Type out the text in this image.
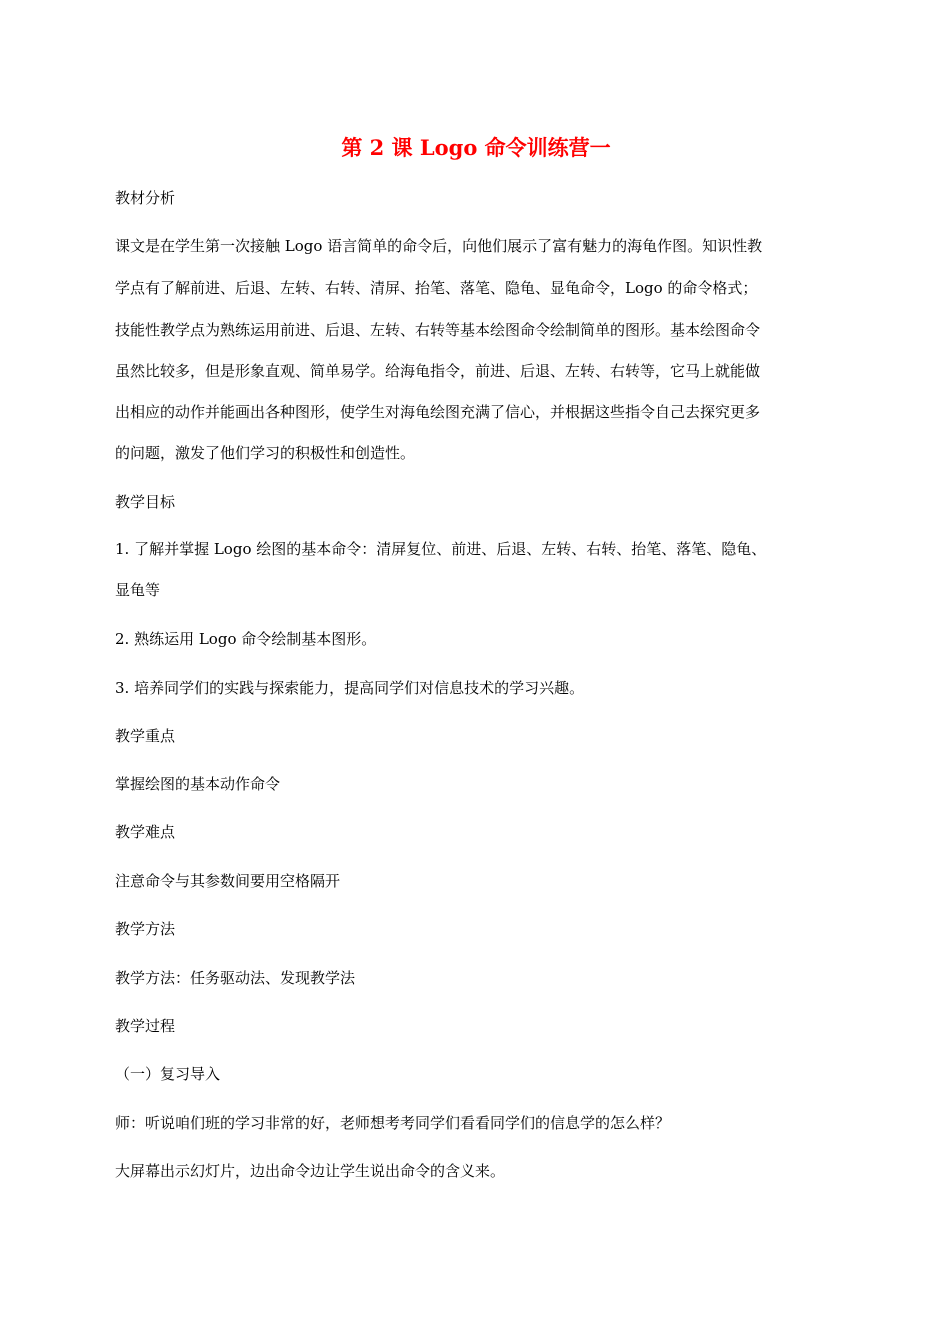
第 2 课 Logo 命令训练营一
教材分析
课文是在学生第一次接触 Logo 语言简单的命令后，向他们展示了富有魅力的海龟作图。知识性教
学点有了解前进、后退、左转、右转、清屏、抬笔、落笔、隐龟、显龟命令，Logo 的命令格式；
技能性教学点为熟练运用前进、后退、左转、右转等基本绘图命令绘制简单的图形。基本绘图命令
虽然比较多，但是形象直观、简单易学。给海龟指令，前进、后退、左转、右转等，它马上就能做
出相应的动作并能画出各种图形，使学生对海龟绘图充满了信心，并根据这些指令自己去探究更多
的问题，激发了他们学习的积极性和创造性。
教学目标
1. 了解并掌握 Logo 绘图的基本命令：清屏复位、前进、后退、左转、右转、抬笔、落笔、隐龟、
显龟等
2. 熟练运用 Logo 命令绘制基本图形。
3. 培养同学们的实践与探索能力，提高同学们对信息技术的学习兴趣。
教学重点
掌握绘图的基本动作命令
教学难点
注意命令与其参数间要用空格隔开
教学方法
教学方法：任务驱动法、发现教学法
教学过程
（一）复习导入
师：听说咱们班的学习非常的好，老师想考考同学们看看同学们的信息学的怎么样？
大屏幕出示幻灯片，边出命令边让学生说出命令的含义来。
